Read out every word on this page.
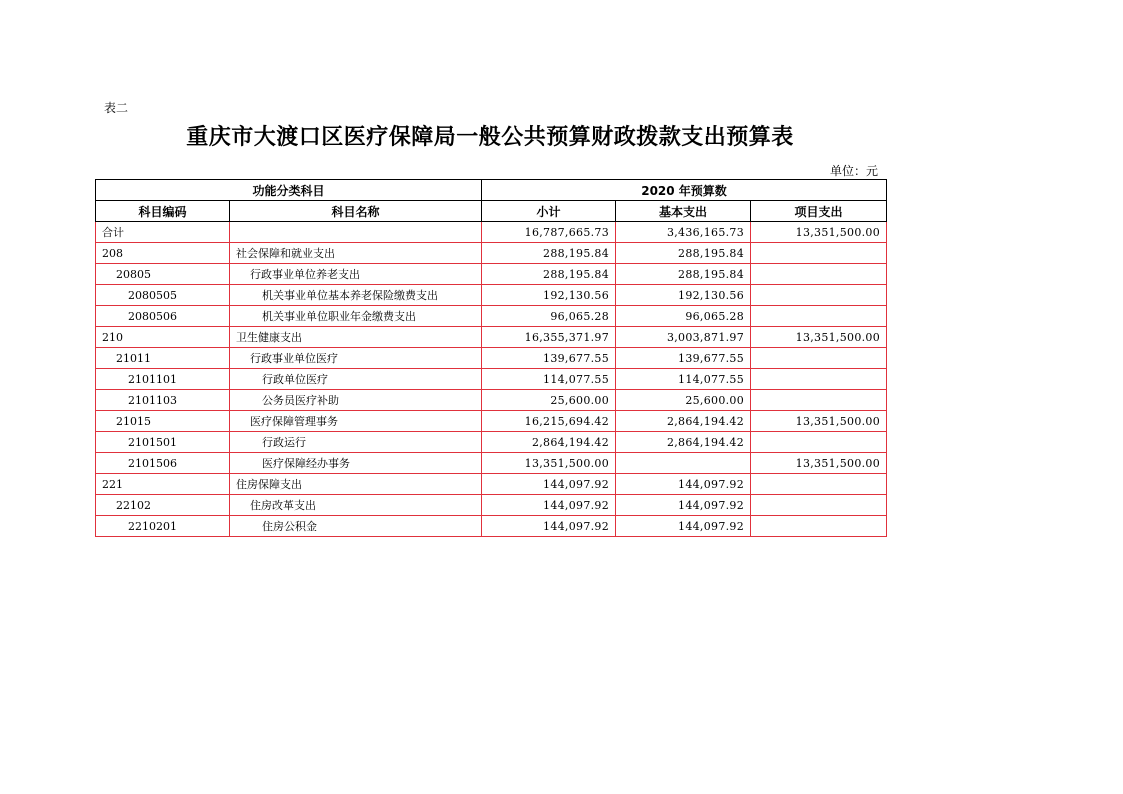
表二
重庆市大渡口区医疗保障局一般公共预算财政拨款支出预算表
单位：元
功能分类科目		2020 年预算数		
科目编码	科目名称	小计	基本支出	项目支出
合计		16,787,665.73	3,436,165.73	13,351,500.00
208	社会保障和就业支出	288,195.84	288,195.84	
20805	行政事业单位养老支出	288,195.84	288,195.84	
2080505	机关事业单位基本养老保险缴费支出	192,130.56	192,130.56	
2080506	机关事业单位职业年金缴费支出	96,065.28	96,065.28	
210	卫生健康支出	16,355,371.97	3,003,871.97	13,351,500.00
21011	行政事业单位医疗	139,677.55	139,677.55	
2101101	行政单位医疗	114,077.55	114,077.55	
2101103	公务员医疗补助	25,600.00	25,600.00	
21015	医疗保障管理事务	16,215,694.42	2,864,194.42	13,351,500.00
2101501	行政运行	2,864,194.42	2,864,194.42	
2101506	医疗保障经办事务	13,351,500.00		13,351,500.00
221	住房保障支出	144,097.92	144,097.92	
22102	住房改革支出	144,097.92	144,097.92	
2210201	住房公积金	144,097.92	144,097.92	
